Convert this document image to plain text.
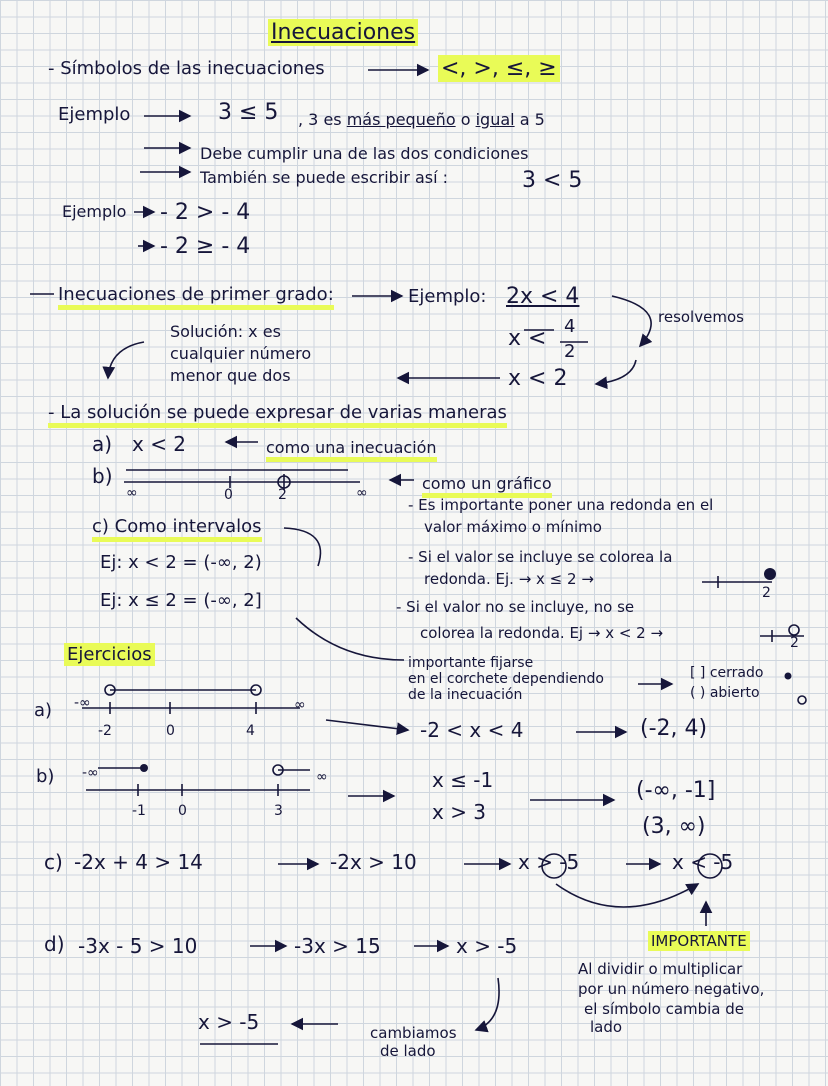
Inecuaciones
- Símbolos de las inecuaciones	<, >, ≤, ≥
Ejemplo	3 ≤ 5 , 3 es más pequeño o igual a 5
Debe cumplir una de las dos condiciones
También se puede escribir así :	3 < 5
Ejemplo - 2 > - 4
- 2 ≥ - 4
Inecuaciones de primer grado:	Ejemplo: 2x < 4
x < 4
2
x < 2
resolvemos
Solución: x es
cualquier número
menor que dos
- La solución se puede expresar de varias maneras
a) x < 2	como una inecuación
b)	como un gráfico
∞	0	2	∞
c) Como intervalos
Ej: x < 2 = (-∞, 2)
Ej: x ≤ 2 = (-∞, 2]
- Es importante poner una redonda en el
valor máximo o mínimo
- Si el valor se incluye se colorea la
redonda. Ej. → x ≤ 2 →
2
- Si el valor no se incluye, no se
colorea la redonda. Ej → x < 2 →
2
importante fijarse
en el corchete dependiendo
de la inecuación
[ ] cerrado
( ) abierto
Ejercicios
a) -∞
-2	0	4
∞
-2 < x < 4	(-2, 4)
b) -∞
-1 0	3
∞	x ≤ -1
x > 3
(-∞, -1]
(3, ∞)
c) -2x + 4 > 14	-2x > 10	x > -5	x < -5
d) -3x - 5 > 10	-3x > 15	x > -5
x > -5	cambiamos
de lado
IMPORTANTE
Al dividir o multiplicar
por un número negativo,
el símbolo cambia de
lado
